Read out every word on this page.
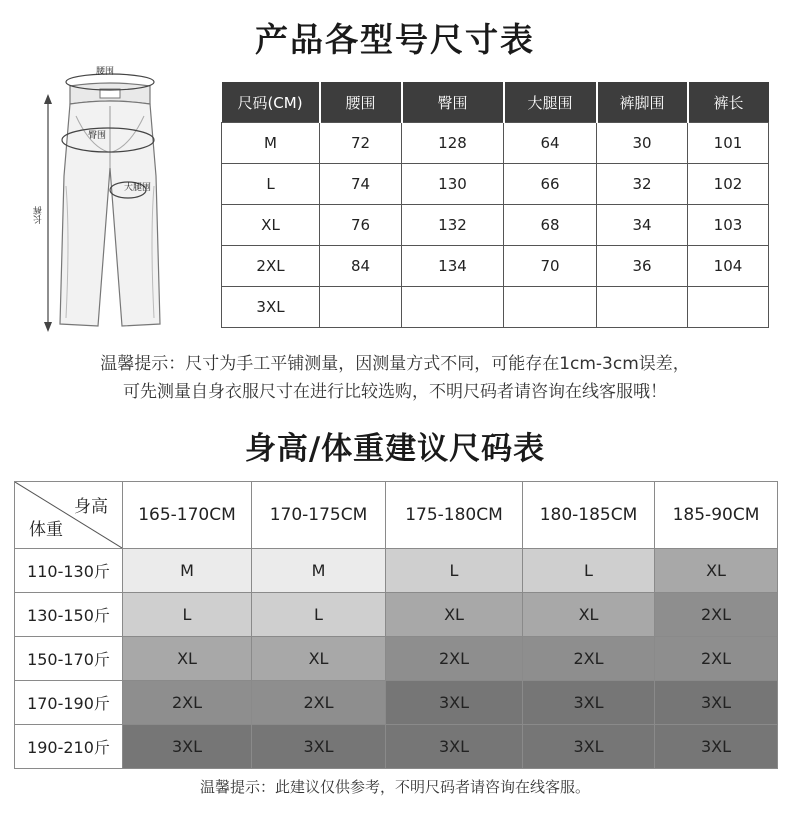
产品各型号尺寸表
腰围
臀围
大腿围
长裤
尺码(CM)	腰围	臀围	大腿围	裤脚围	裤长
M	72	128	64	30	101
L	74	130	66	32	102
XL	76	132	68	34	103
2XL	84	134	70	36	104
3XL					
温馨提示：尺寸为手工平铺测量，因测量方式不同，可能存在1cm-3cm误差，
可先测量自身衣服尺寸在进行比较选购，不明尺码者请咨询在线客服哦！
身高/体重建议尺码表
身高
体重	165-170CM	170-175CM	175-180CM	180-185CM	185-90CM
110-130斤	M	M	L	L	XL
130-150斤	L	L	XL	XL	2XL
150-170斤	XL	XL	2XL	2XL	2XL
170-190斤	2XL	2XL	3XL	3XL	3XL
190-210斤	3XL	3XL	3XL	3XL	3XL
温馨提示：此建议仅供参考，不明尺码者请咨询在线客服。
